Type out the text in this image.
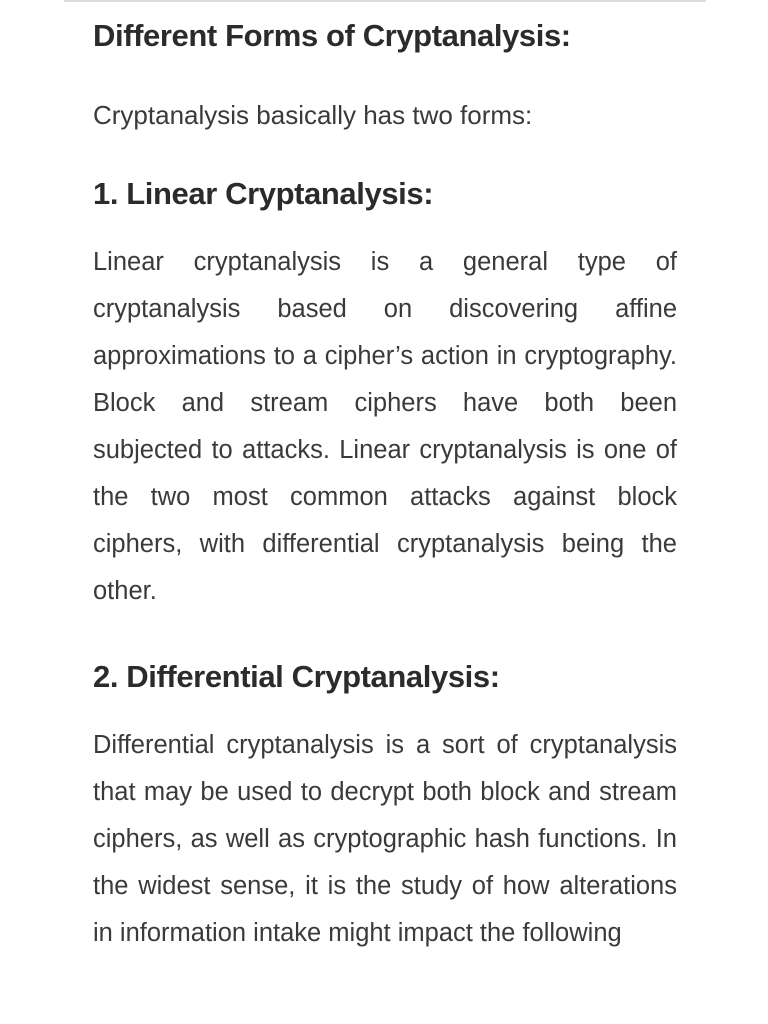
Different Forms of Cryptanalysis:

Cryptanalysis basically has two forms:

1. Linear Cryptanalysis:

Linear cryptanalysis is a general type of cryptanalysis based on discovering affine approximations to a cipher’s action in cryptography. Block and stream ciphers have both been subjected to attacks. Linear cryptanalysis is one of the two most common attacks against block ciphers, with differential cryptanalysis being the other.

2. Differential Cryptanalysis:

Differential cryptanalysis is a sort of cryptanalysis that may be used to decrypt both block and stream ciphers, as well as cryptographic hash functions. In the widest sense, it is the study of how alterations in information intake might impact the following
